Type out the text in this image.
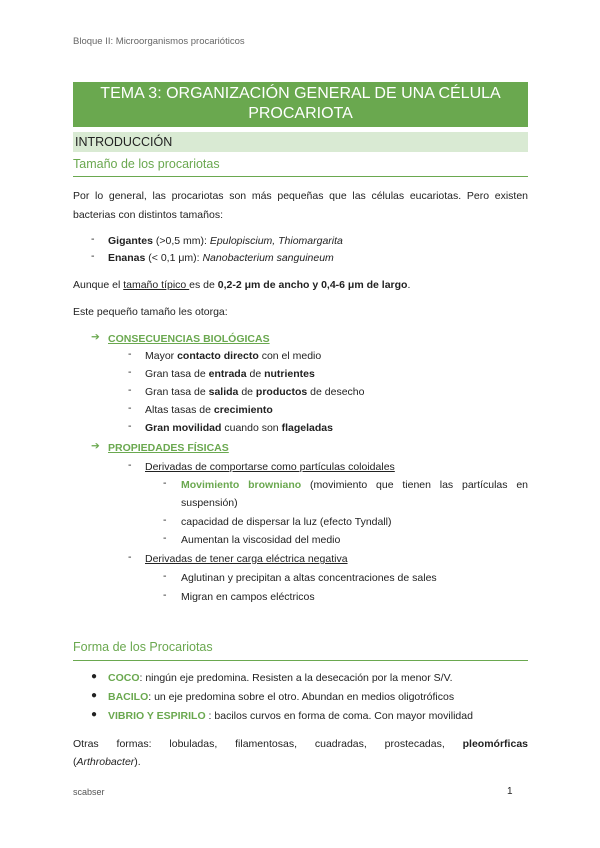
Bloque II: Microorganismos procarióticos
TEMA 3: ORGANIZACIÓN GENERAL DE UNA CÉLULA
PROCARIOTA
INTRODUCCIÓN
Tamaño de los procariotas
Por lo general, las procariotas son más pequeñas que las células eucariotas. Pero existen
bacterias con distintos tamaños:
- Gigantes (>0,5 mm): Epulopiscium, Thiomargarita
- Enanas (< 0,1 μm): Nanobacterium sanguineum
Aunque el tamaño típico es de 0,2-2 μm de ancho y 0,4-6 μm de largo.
Este pequeño tamaño les otorga:
➔ CONSECUENCIAS BIOLÓGICAS
- Mayor contacto directo con el medio
- Gran tasa de entrada de nutrientes
- Gran tasa de salida de productos de desecho
- Altas tasas de crecimiento
- Gran movilidad cuando son flageladas
➔ PROPIEDADES FÍSICAS
- Derivadas de comportarse como partículas coloidales
- Movimiento browniano (movimiento que tienen las partículas en
suspensión)
- capacidad de dispersar la luz (efecto Tyndall)
- Aumentan la viscosidad del medio
- Derivadas de tener carga eléctrica negativa
- Aglutinan y precipitan a altas concentraciones de sales
- Migran en campos eléctricos
Forma de los Procariotas
● COCO: ningún eje predomina. Resisten a la desecación por la menor S/V.
● BACILO: un eje predomina sobre el otro. Abundan en medios oligotróficos
● VIBRIO Y ESPIRILO : bacilos curvos en forma de coma. Con mayor movilidad
Otras formas: lobuladas, filamentosas, cuadradas, prostecadas, pleomórficas
(Arthrobacter).
scabser	1
